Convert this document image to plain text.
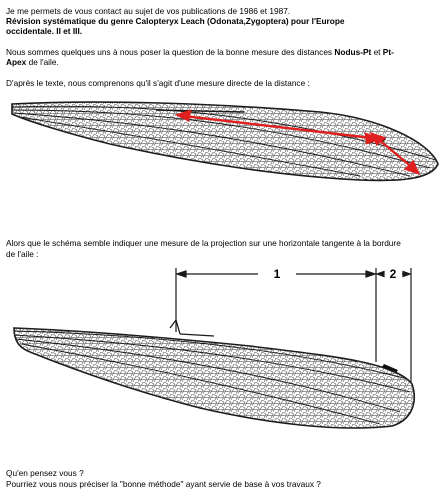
Je me permets de vous contact au sujet de vos publications de 1986 et 1987.
Révision systématique du genre Calopteryx Leach (Odonata,Zygoptera) pour l'Europe
occidentale. II et III.
Nous sommes quelques uns à nous poser la question de la bonne mesure des distances Nodus-Pt et Pt-
Apex de l'aile.
D'après le texte, nous comprenons qu'il s'agit d'une mesure directe de la distance :
Alors que le schéma semble indiquer une mesure de la projection sur une horizontale tangente à la bordure
de l'aile :
1	2
Qu'en pensez vous ?
Pourriez vous nous préciser la "bonne méthode" ayant servie de base à vos travaux ?
